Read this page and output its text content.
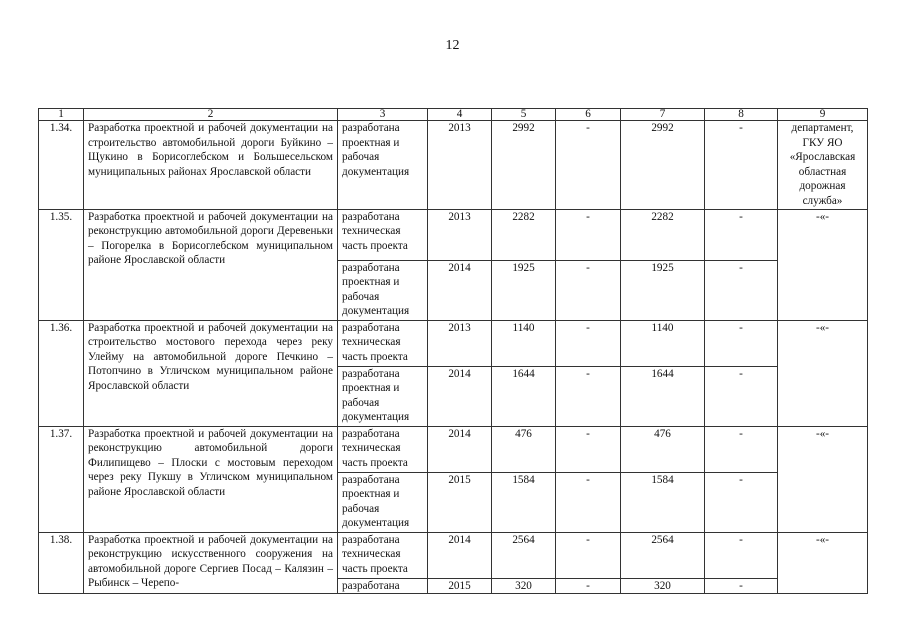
12
1	2	3	4	5	6	7	8	9
1.34.	Разработка проектной и рабочей документации на строительство автомобильной дороги Буйкино – Щукино в Борисоглебском и Большесельском муниципальных районах Ярославской области	разработана проектная и рабочая документация	2013	2992	-	2992	-	департамент, ГКУ ЯО «Ярославская областная дорожная служба»
1.35.	Разработка проектной и рабочей документации на реконструкцию автомобильной дороги Деревеньки – Погорелка в Борисоглебском муниципальном районе Ярославской области	разработана техническая часть проекта	2013	2282	-	2282	-	-«-
		разработана проектная и рабочая документация	2014	1925	-	1925	-	
1.36.	Разработка проектной и рабочей документации на строительство мостового перехода через реку Улейму на автомобильной дороге Печкино – Потопчино в Угличском муниципальном районе Ярославской области	разработана техническая часть проекта	2013	1140	-	1140	-	-«-
		разработана проектная и рабочая документация	2014	1644	-	1644	-	
1.37.	Разработка проектной и рабочей документации на реконструкцию автомобильной дороги Филипищево – Плоски с мостовым переходом через реку Пукшу в Угличском муниципальном районе Ярославской области	разработана техническая часть проекта	2014	476	-	476	-	-«-
		разработана проектная и рабочая документация	2015	1584	-	1584	-	
1.38.	Разработка проектной и рабочей документации на реконструкцию искусственного сооружения на автомобильной дороге Сергиев Посад – Калязин – Рыбинск – Черепо-	разработана техническая часть проекта	2014	2564	-	2564	-	-«-
		разработана	2015	320	-	320	-	
